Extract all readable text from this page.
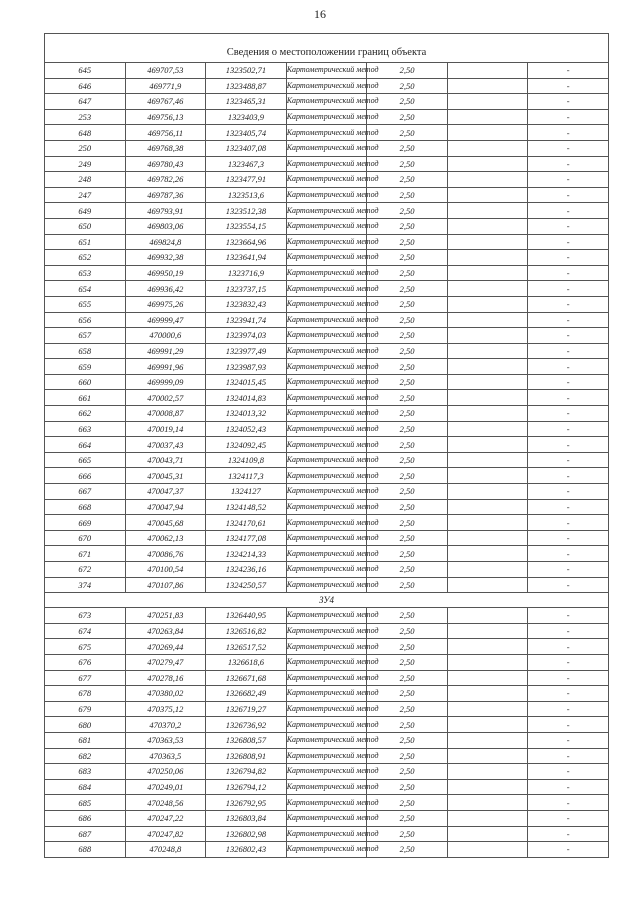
16
Сведения о местоположении границ объекта						
645	469707,53	1323502,71	Картометрический метод	2,50		-
646	469771,9	1323488,87	Картометрический метод	2,50		-
647	469767,46	1323465,31	Картометрический метод	2,50		-
253	469756,13	1323403,9	Картометрический метод	2,50		-
648	469756,11	1323405,74	Картометрический метод	2,50		-
250	469768,38	1323407,08	Картометрический метод	2,50		-
249	469780,43	1323467,3	Картометрический метод	2,50		-
248	469782,26	1323477,91	Картометрический метод	2,50		-
247	469787,36	1323513,6	Картометрический метод	2,50		-
649	469793,91	1323512,38	Картометрический метод	2,50		-
650	469803,06	1323554,15	Картометрический метод	2,50		-
651	469824,8	1323664,96	Картометрический метод	2,50		-
652	469932,38	1323641,94	Картометрический метод	2,50		-
653	469950,19	1323716,9	Картометрический метод	2,50		-
654	469936,42	1323737,15	Картометрический метод	2,50		-
655	469975,26	1323832,43	Картометрический метод	2,50		-
656	469999,47	1323941,74	Картометрический метод	2,50		-
657	470000,6	1323974,03	Картометрический метод	2,50		-
658	469991,29	1323977,49	Картометрический метод	2,50		-
659	469991,96	1323987,93	Картометрический метод	2,50		-
660	469999,09	1324015,45	Картометрический метод	2,50		-
661	470002,57	1324014,83	Картометрический метод	2,50		-
662	470008,87	1324013,32	Картометрический метод	2,50		-
663	470019,14	1324052,43	Картометрический метод	2,50		-
664	470037,43	1324092,45	Картометрический метод	2,50		-
665	470043,71	1324109,8	Картометрический метод	2,50		-
666	470045,31	1324117,3	Картометрический метод	2,50		-
667	470047,37	1324127	Картометрический метод	2,50		-
668	470047,94	1324148,52	Картометрический метод	2,50		-
669	470045,68	1324170,61	Картометрический метод	2,50		-
670	470062,13	1324177,08	Картометрический метод	2,50		-
671	470086,76	1324214,33	Картометрический метод	2,50		-
672	470100,54	1324236,16	Картометрический метод	2,50		-
374	470107,86	1324250,57	Картометрический метод	2,50		-
ЗУ4						
673	470251,83	1326440,95	Картометрический метод	2,50		-
674	470263,84	1326516,82	Картометрический метод	2,50		-
675	470269,44	1326517,52	Картометрический метод	2,50		-
676	470279,47	1326618,6	Картометрический метод	2,50		-
677	470278,16	1326671,68	Картометрический метод	2,50		-
678	470380,02	1326682,49	Картометрический метод	2,50		-
679	470375,12	1326719,27	Картометрический метод	2,50		-
680	470370,2	1326736,92	Картометрический метод	2,50		-
681	470363,53	1326808,57	Картометрический метод	2,50		-
682	470363,5	1326808,91	Картометрический метод	2,50		-
683	470250,06	1326794,82	Картометрический метод	2,50		-
684	470249,01	1326794,12	Картометрический метод	2,50		-
685	470248,56	1326792,95	Картометрический метод	2,50		-
686	470247,22	1326803,84	Картометрический метод	2,50		-
687	470247,82	1326802,98	Картометрический метод	2,50		-
688	470248,8	1326802,43	Картометрический метод	2,50		-
